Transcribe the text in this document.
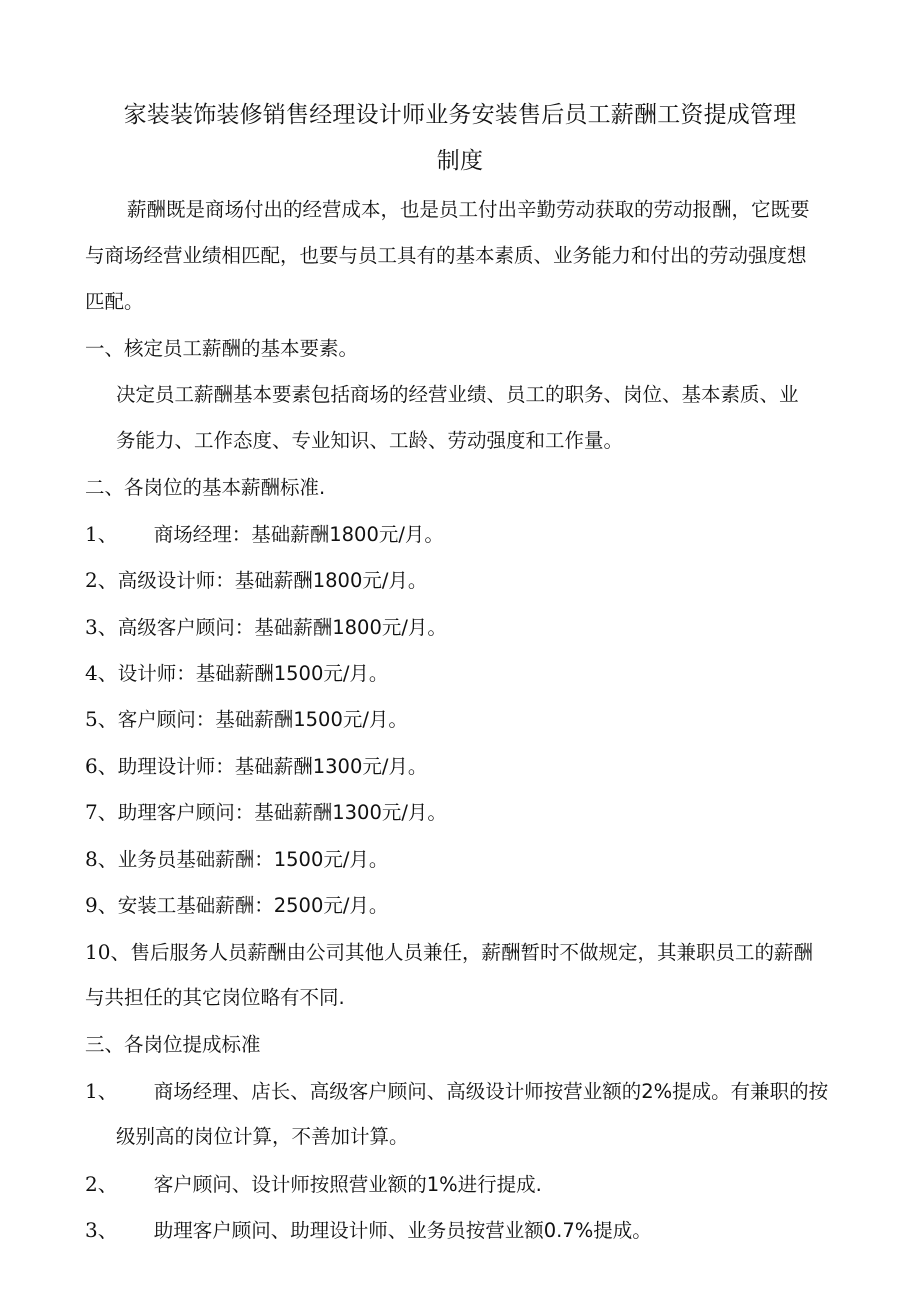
家装装饰装修销售经理设计师业务安装售后员工薪酬工资提成管理
制度
薪酬既是商场付出的经营成本，也是员工付出辛勤劳动获取的劳动报酬，它既要
与商场经营业绩相匹配，也要与员工具有的基本素质、业务能力和付出的劳动强度想
匹配。
一、核定员工薪酬的基本要素。
决定员工薪酬基本要素包括商场的经营业绩、员工的职务、岗位、基本素质、业
务能力、工作态度、专业知识、工龄、劳动强度和工作量。
二、各岗位的基本薪酬标准.
1、 商场经理：基础薪酬1800元/月。
2、高级设计师：基础薪酬1800元/月。
3、高级客户顾问：基础薪酬1800元/月。
4、设计师：基础薪酬1500元/月。
5、客户顾问：基础薪酬1500元/月。
6、助理设计师：基础薪酬1300元/月。
7、助理客户顾问：基础薪酬1300元/月。
8、业务员基础薪酬：1500元/月。
9、安装工基础薪酬：2500元/月。
10、售后服务人员薪酬由公司其他人员兼任，薪酬暂时不做规定，其兼职员工的薪酬
与共担任的其它岗位略有不同.
三、各岗位提成标准
1、 商场经理、店长、高级客户顾问、高级设计师按营业额的2%提成。有兼职的按
级别高的岗位计算，不善加计算。
2、 客户顾问、设计师按照营业额的1%进行提成.
3、 助理客户顾问、助理设计师、业务员按营业额0.7%提成。
